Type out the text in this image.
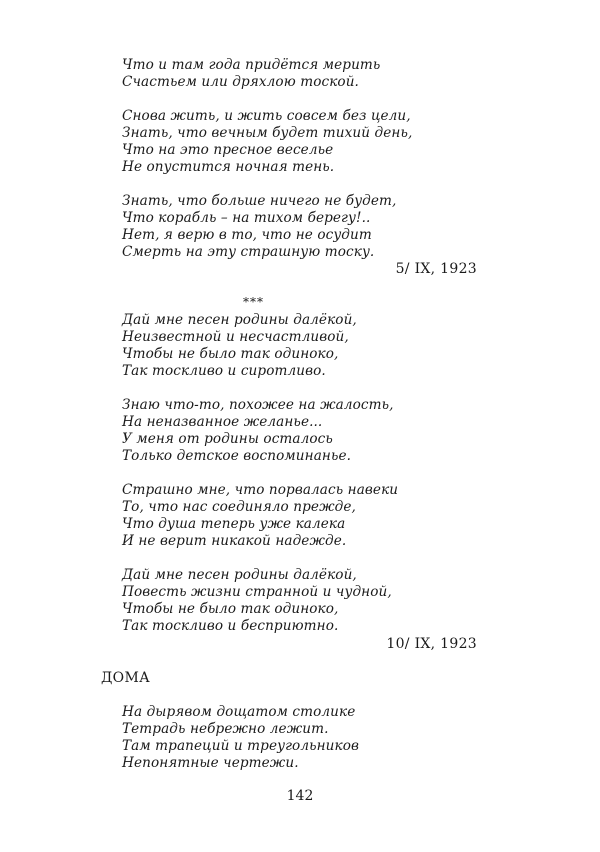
Что и там года придётся мерить
Счастьем или дряхлою тоской.
Снова жить, и жить совсем без цели,
Знать, что вечным будет тихий день,
Что на это пресное веселье
Не опустится ночная тень.
Знать, что больше ничего не будет,
Что корабль – на тихом берегу!..
Нет, я верю в то, что не осудит
Смерть на эту страшную тоску.
5/ IX, 1923
***
Дай мне песен родины далёкой,
Неизвестной и несчастливой,
Чтобы не было так одиноко,
Так тоскливо и сиротливо.
Знаю что-то, похожее на жалость,
На неназванное желанье...
У меня от родины осталось
Только детское воспоминанье.
Страшно мне, что порвалась навеки
То, что нас соединяло прежде,
Что душа теперь уже калека
И не верит никакой надежде.
Дай мне песен родины далёкой,
Повесть жизни странной и чудной,
Чтобы не было так одиноко,
Так тоскливо и бесприютно.
10/ IX, 1923
ДОМА
На дырявом дощатом столике
Тетрадь небрежно лежит.
Там трапеций и треугольников
Непонятные чертежи.
142
